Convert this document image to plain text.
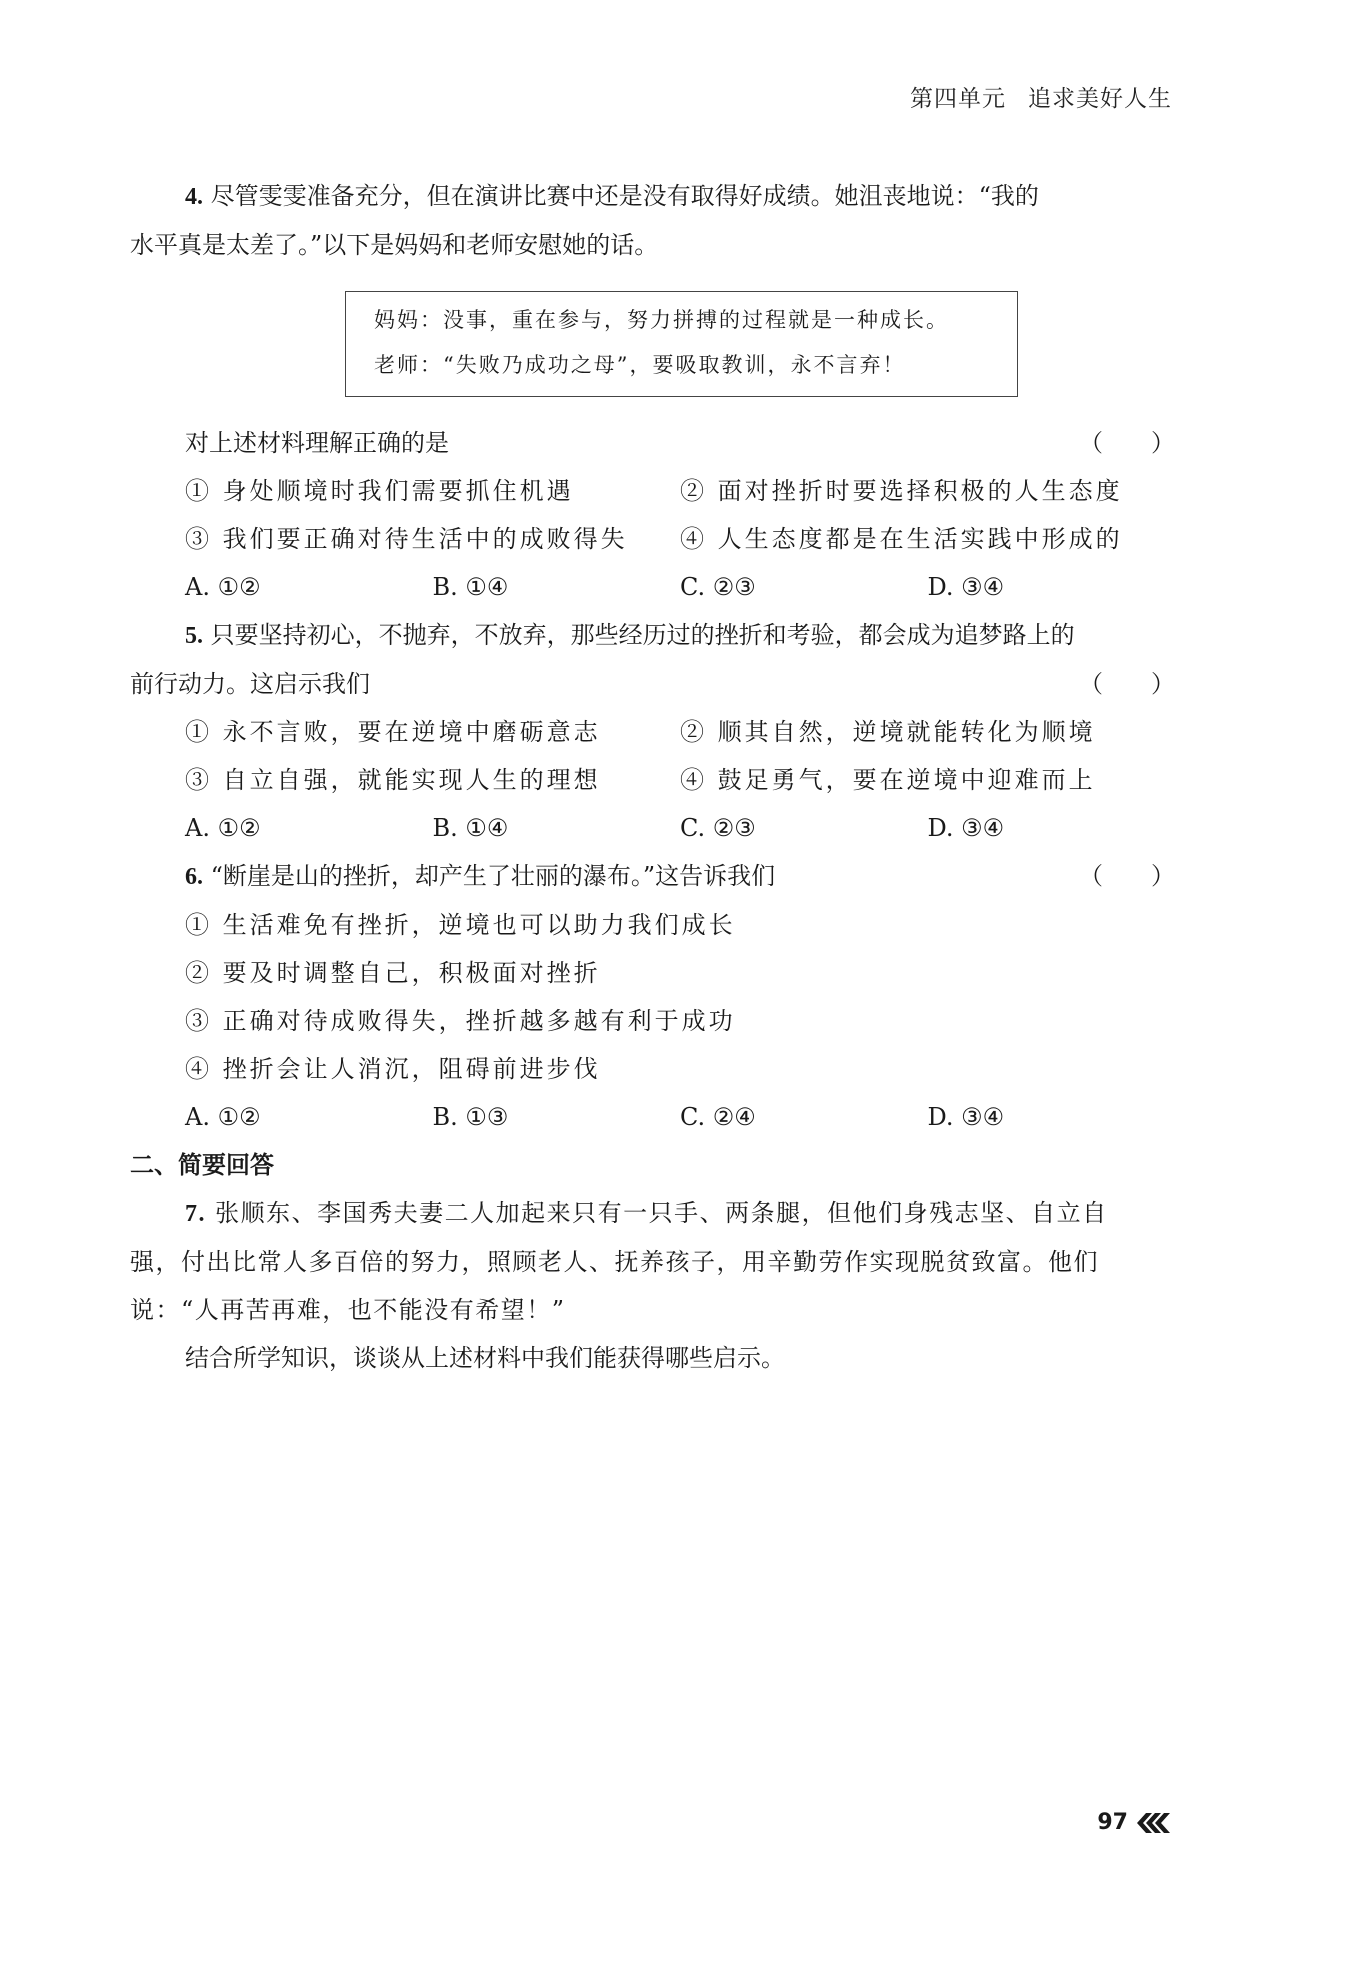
第四单元 追求美好人生

4. 尽管雯雯准备充分，但在演讲比赛中还是没有取得好成绩。她沮丧地说：“我的

水平真是太差了。”以下是妈妈和老师安慰她的话。

妈妈：没事，重在参与，努力拼搏的过程就是一种成长。
老师：“失败乃成功之母”，要吸取教训，永不言弃！
对上述材料理解正确的是	（　　）
① 身处顺境时我们需要抓住机遇	② 面对挫折时要选择积极的人生态度
③ 我们要正确对待生活中的成败得失	④ 人生态度都是在生活实践中形成的
A. ①②	B. ①④	C. ②③	D. ③④

5. 只要坚持初心，不抛弃，不放弃，那些经历过的挫折和考验，都会成为追梦路上的

前行动力。这启示我们	（　　）
① 永不言败，要在逆境中磨砺意志	② 顺其自然，逆境就能转化为顺境
③ 自立自强，就能实现人生的理想	④ 鼓足勇气，要在逆境中迎难而上
A. ①②	B. ①④	C. ②③	D. ③④
6. “断崖是山的挫折，却产生了壮丽的瀑布。”这告诉我们	（　　）
① 生活难免有挫折，逆境也可以助力我们成长
② 要及时调整自己，积极面对挫折
③ 正确对待成败得失，挫折越多越有利于成功
④ 挫折会让人消沉，阻碍前进步伐
A. ①②	B. ①③	C. ②④	D. ③④

二、简要回答

7. 张顺东、李国秀夫妻二人加起来只有一只手、两条腿，但他们身残志坚、自立自

强，付出比常人多百倍的努力，照顾老人、抚养孩子，用辛勤劳作实现脱贫致富。他们

说：“人再苦再难，也不能没有希望！”

结合所学知识，谈谈从上述材料中我们能获得哪些启示。

97
